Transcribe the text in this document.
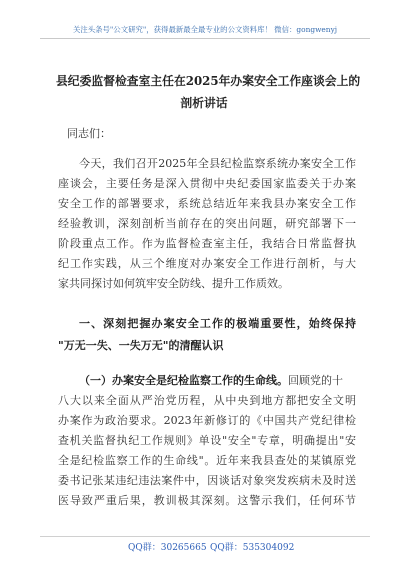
关注头条号"公文研究"，获得最新最全最专业的公文资料库！ 微信：gongwenyj
县纪委监督检查室主任在2025年办案安全工作座谈会上的
剖析讲话
同志们：
今天，我们召开2025年全县纪检监察系统办案安全工作
座谈会，主要任务是深入贯彻中央纪委国家监委关于办案
安全工作的部署要求，系统总结近年来我县办案安全工作
经验教训，深刻剖析当前存在的突出问题，研究部署下一
阶段重点工作。作为监督检查室主任，我结合日常监督执
纪工作实践，从三个维度对办案安全工作进行剖析，与大
家共同探讨如何筑牢安全防线、提升工作质效。
一、深刻把握办案安全工作的极端重要性，始终保持
"万无一失、一失万无"的清醒认识
（一）办案安全是纪检监察工作的生命线。回顾党的十
八大以来全面从严治党历程，从中央到地方都把安全文明
办案作为政治要求。2023年新修订的《中国共产党纪律检
查机关监督执纪工作规则》单设"安全"专章，明确提出"安
全是纪检监察工作的生命线"。近年来我县查处的某镇原党
委书记张某违纪违法案件中，因谈话对象突发疾病未及时送
医导致严重后果，教训极其深刻。这警示我们，任何环节
QQ群：30265665 QQ群：535304092
